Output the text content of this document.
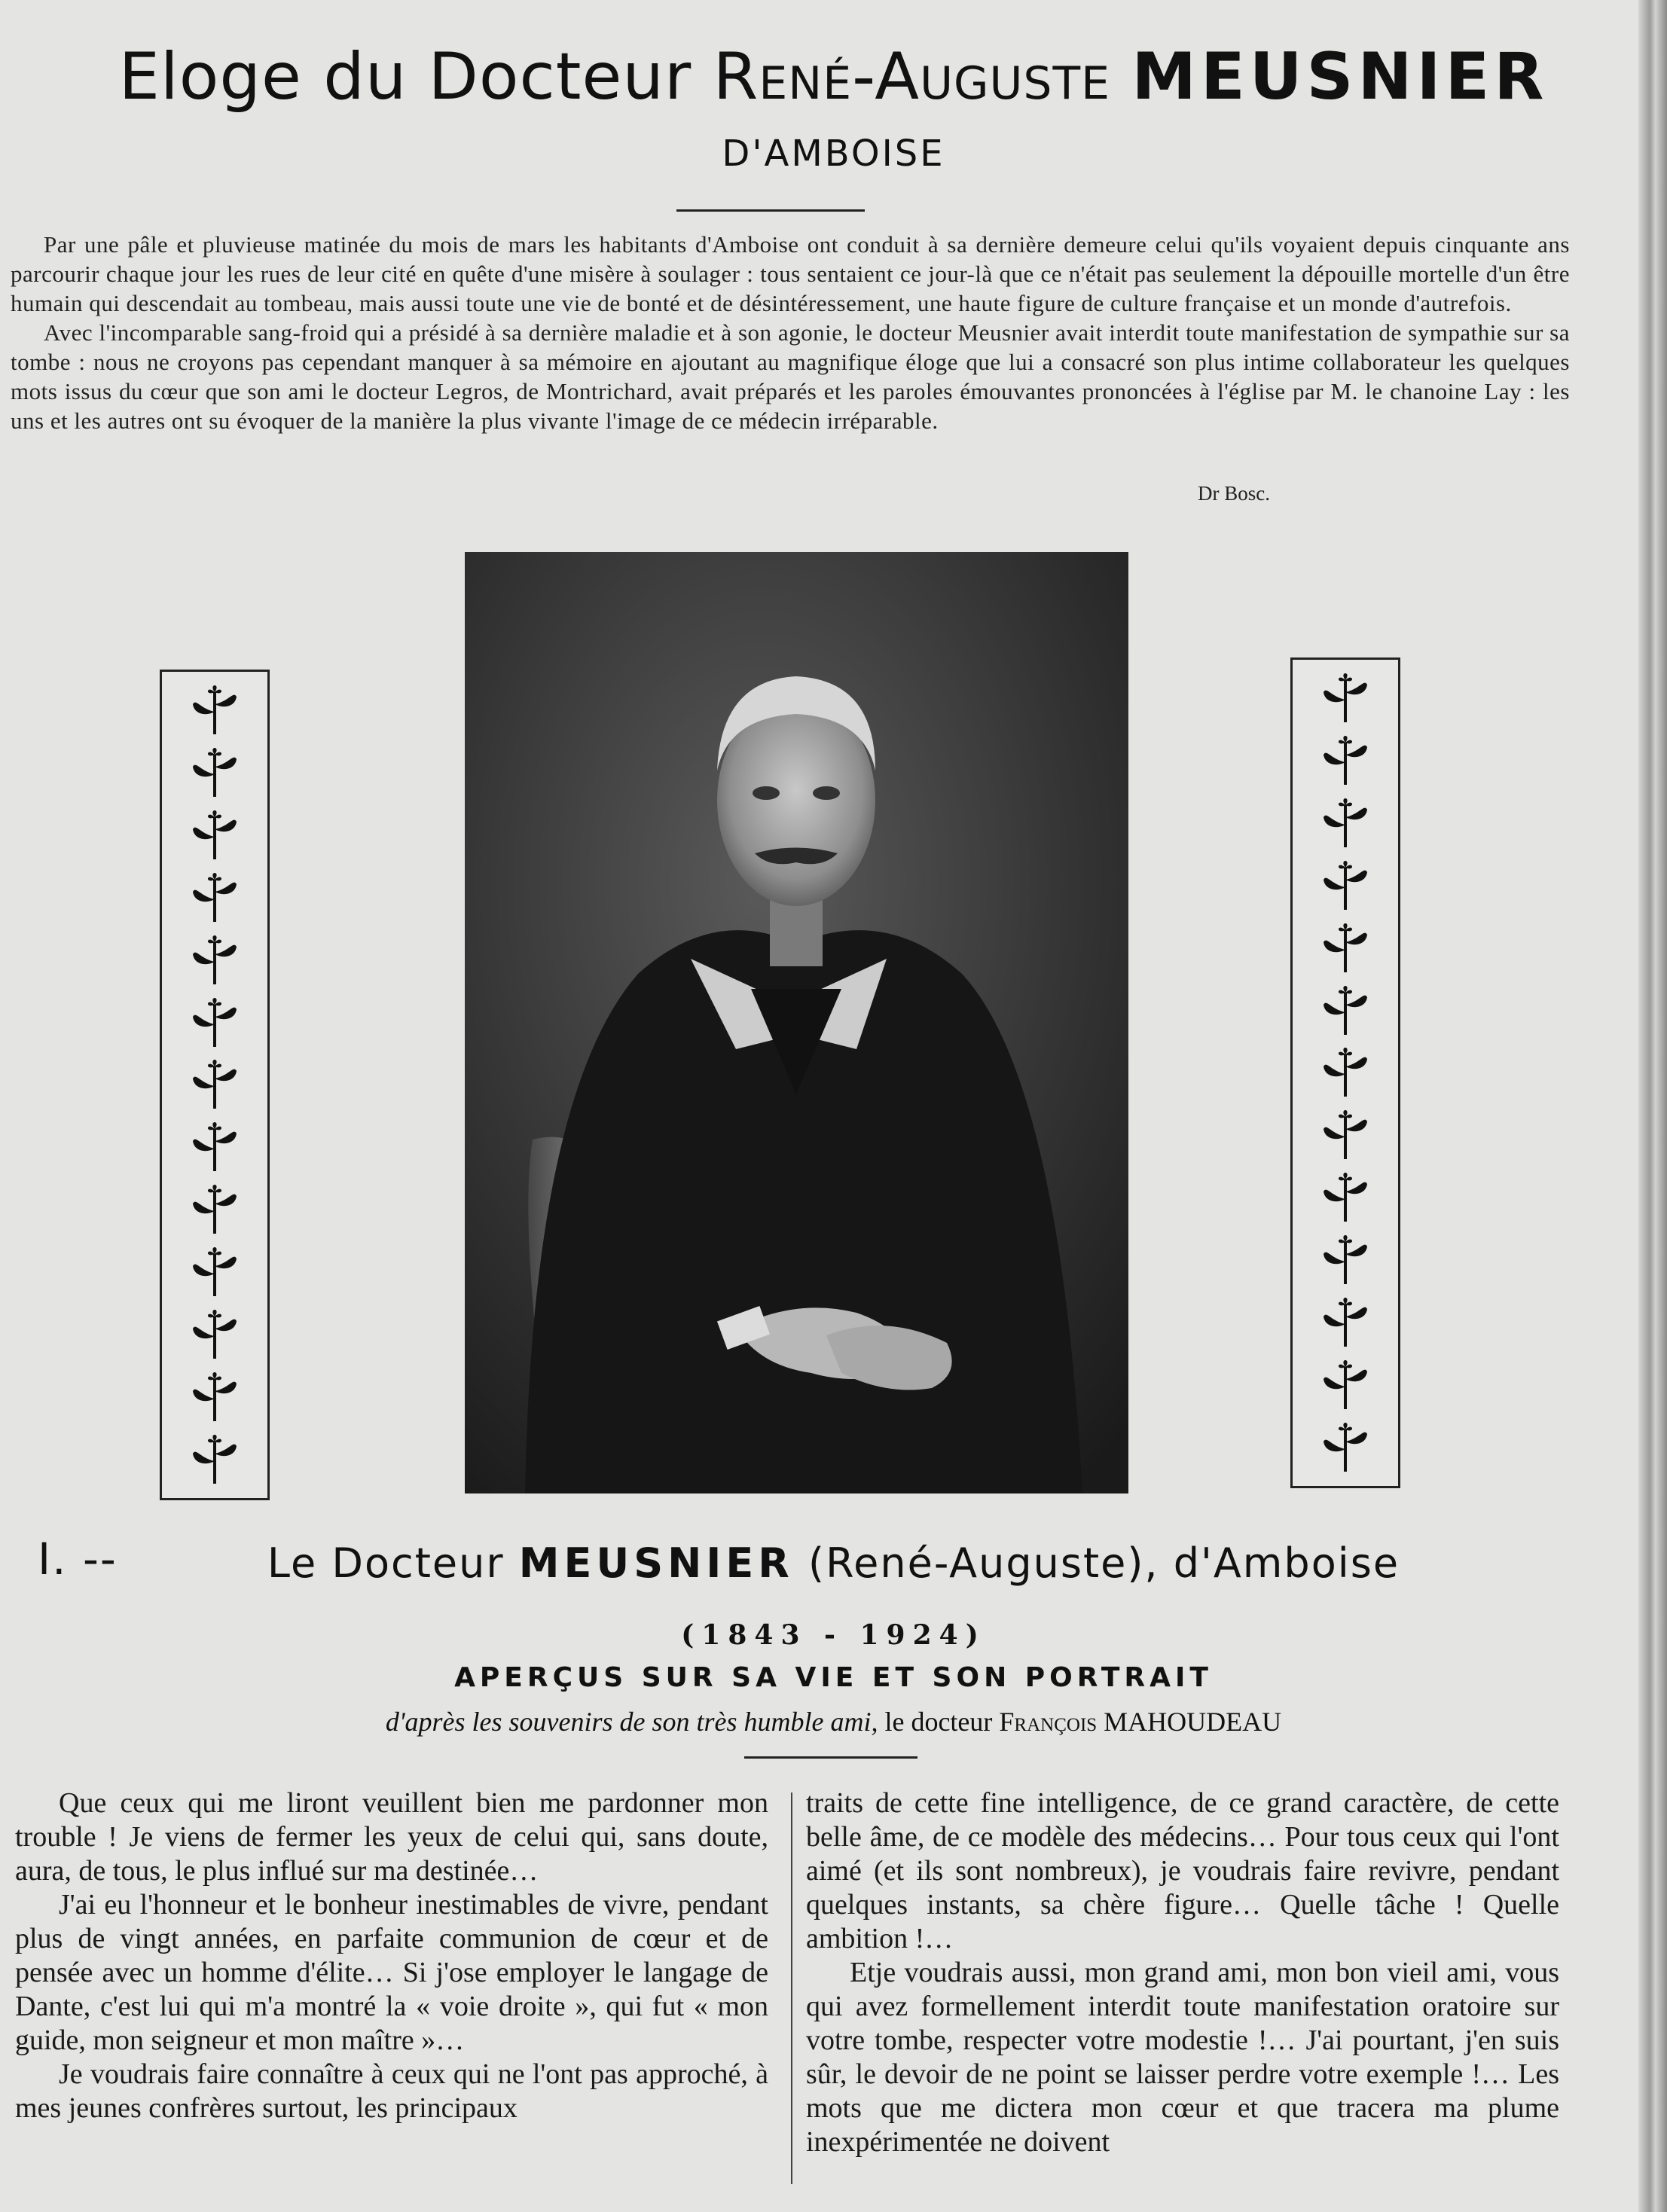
Eloge du Docteur René-Auguste MEUSNIER
D'AMBOISE

Par une pâle et pluvieuse matinée du mois de mars les habitants d'Amboise ont conduit à sa dernière demeure celui qu'ils voyaient depuis cinquante ans parcourir chaque jour les rues de leur cité en quête d'une misère à soulager : tous sentaient ce jour-là que ce n'était pas seulement la dépouille mortelle d'un être humain qui descendait au tombeau, mais aussi toute une vie de bonté et de désintéressement, une haute figure de culture française et un monde d'autrefois.

Avec l'incomparable sang-froid qui a présidé à sa dernière maladie et à son agonie, le docteur Meusnier avait interdit toute manifestation de sympathie sur sa tombe : nous ne croyons pas cependant manquer à sa mémoire en ajoutant au magnifique éloge que lui a consacré son plus intime collaborateur les quelques mots issus du cœur que son ami le docteur Legros, de Montrichard, avait préparés et les paroles émouvantes prononcées à l'église par M. le chanoine Lay : les uns et les autres ont su évoquer de la manière la plus vivante l'image de ce médecin irréparable.

Dr Bosc.
I. --	Le Docteur MEUSNIER (René-Auguste), d'Amboise
(1843 - 1924)
APERÇUS SUR SA VIE ET SON PORTRAIT
d'après les souvenirs de son très humble ami, le docteur François MAHOUDEAU

Que ceux qui me liront veuillent bien me pardonner mon trouble ! Je viens de fermer les yeux de celui qui, sans doute, aura, de tous, le plus influé sur ma destinée…

J'ai eu l'honneur et le bonheur inestimables de vivre, pendant plus de vingt années, en parfaite communion de cœur et de pensée avec un homme d'élite… Si j'ose employer le langage de Dante, c'est lui qui m'a montré la « voie droite », qui fut « mon guide, mon seigneur et mon maître »…

Je voudrais faire connaître à ceux qui ne l'ont pas approché, à mes jeunes confrères surtout, les principaux

traits de cette fine intelligence, de ce grand caractère, de cette belle âme, de ce modèle des médecins… Pour tous ceux qui l'ont aimé (et ils sont nombreux), je voudrais faire revivre, pendant quelques instants, sa chère figure… Quelle tâche ! Quelle ambition !…

Etje voudrais aussi, mon grand ami, mon bon vieil ami, vous qui avez formellement interdit toute manifestation oratoire sur votre tombe, respecter votre modestie !… J'ai pourtant, j'en suis sûr, le devoir de ne point se laisser perdre votre exemple !… Les mots que me dictera mon cœur et que tracera ma plume inexpérimentée ne doivent
